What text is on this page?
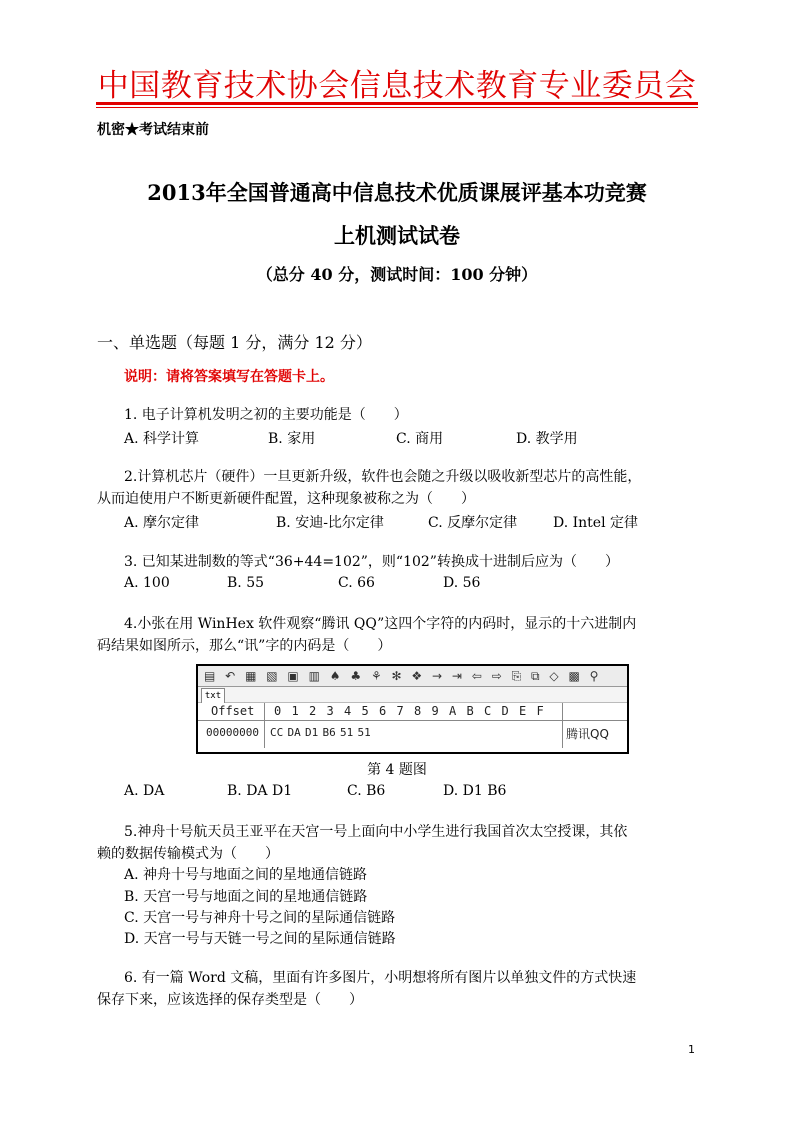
中国教育技术协会信息技术教育专业委员会
机密★考试结束前
2013年全国普通高中信息技术优质课展评基本功竞赛
上机测试试卷
（总分 40 分，测试时间：100 分钟）
一、单选题（每题 1 分，满分 12 分）
说明：请将答案填写在答题卡上。
1. 电子计算机发明之初的主要功能是（　　）
A. 科学计算	B. 家用	C. 商用	D. 教学用
2.计算机芯片（硬件）一旦更新升级，软件也会随之升级以吸收新型芯片的高性能，
从而迫使用户不断更新硬件配置，这种现象被称之为（　　）
A. 摩尔定律	B. 安迪-比尔定律	C. 反摩尔定律	D. Intel 定律
3. 已知某进制数的等式“36+44=102”，则“102”转换成十进制后应为（　　）
A. 100	B. 55	C. 66	D. 56
4.小张在用 WinHex 软件观察“腾讯 QQ”这四个字符的内码时，显示的十六进制内
码结果如图所示，那么“讯”字的内码是（　　）
▤ ↶ ▦ ▧ ▣ ▥ ♠ ♣ ⚘ ✻ ❖ → ⇥ ⇦ ⇨ ⎘ ⧉ ◇ ▩ ⚲
txt
Offset 0 1 2 3 4 5 6 7 8 9 A B C D E F
00000000 CC DA D1 B6 51 51	腾讯QQ
第 4 题图
A. DA	B. DA D1	C. B6	D. D1 B6
5.神舟十号航天员王亚平在天宫一号上面向中小学生进行我国首次太空授课，其依
赖的数据传输模式为（　　）
A. 神舟十号与地面之间的星地通信链路
B. 天宫一号与地面之间的星地通信链路
C. 天宫一号与神舟十号之间的星际通信链路
D. 天宫一号与天链一号之间的星际通信链路
6. 有一篇 Word 文稿，里面有许多图片，小明想将所有图片以单独文件的方式快速
保存下来，应该选择的保存类型是（　　）
1
